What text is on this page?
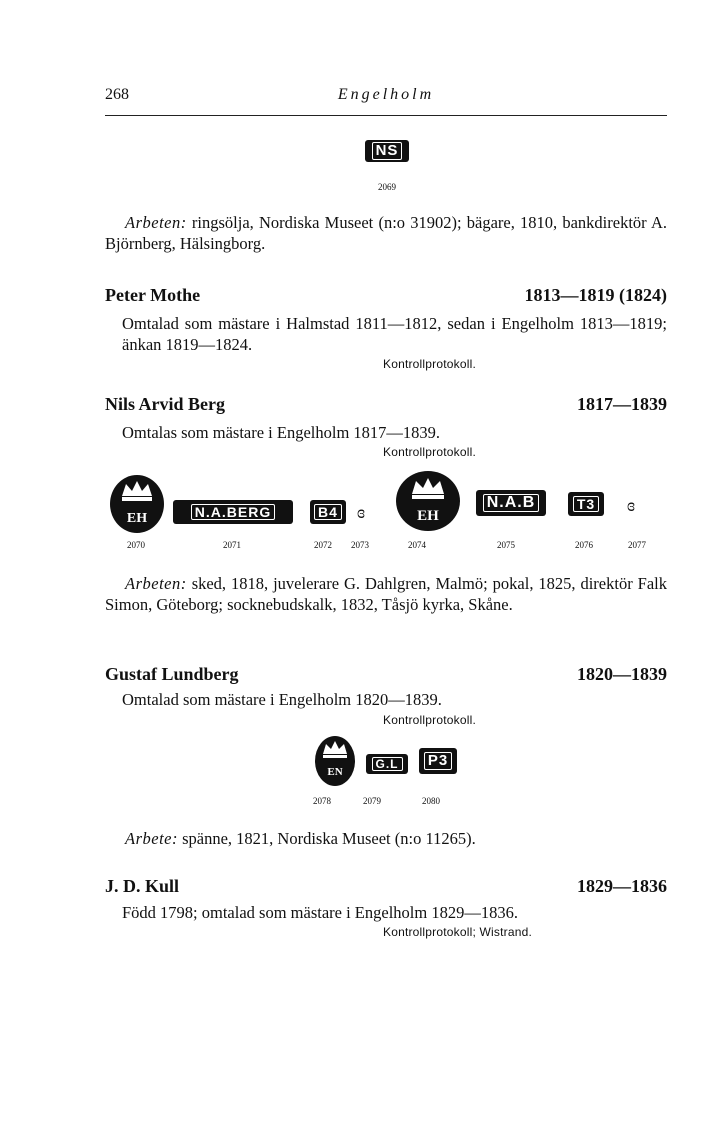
268	Engelholm
NS
2069
Arbeten: ringsölja, Nordiska Museet (n:o 31902); bägare, 1810, bankdirektör A. Björnberg, Hälsingborg.
Peter Mothe	1813—1819 (1824)
Omtalad som mästare i Halmstad 1811—1812, sedan i Engelholm 1813—1819; änkan 1819—1824.
Kontrollprotokoll.
Nils Arvid Berg	1817—1839
Omtalas som mästare i Engelholm 1817—1839.
Kontrollprotokoll.
EH
2070
N.A.BERG
2071
B4
2072
ɞ
2073
EH
2074
N.A.B
2075
T3
2076
ɞ
2077
Arbeten: sked, 1818, juvelerare G. Dahlgren, Malmö; pokal, 1825, direktör Falk Simon, Göteborg; socknebudskalk, 1832, Tåsjö kyrka, Skåne.
Gustaf Lundberg	1820—1839
Omtalad som mästare i Engelholm 1820—1839.
Kontrollprotokoll.
EN
2078
G.L
2079
P3
2080
Arbete: spänne, 1821, Nordiska Museet (n:o 11265).
J. D. Kull	1829—1836
Född 1798; omtalad som mästare i Engelholm 1829—1836.
Kontrollprotokoll; Wistrand.
